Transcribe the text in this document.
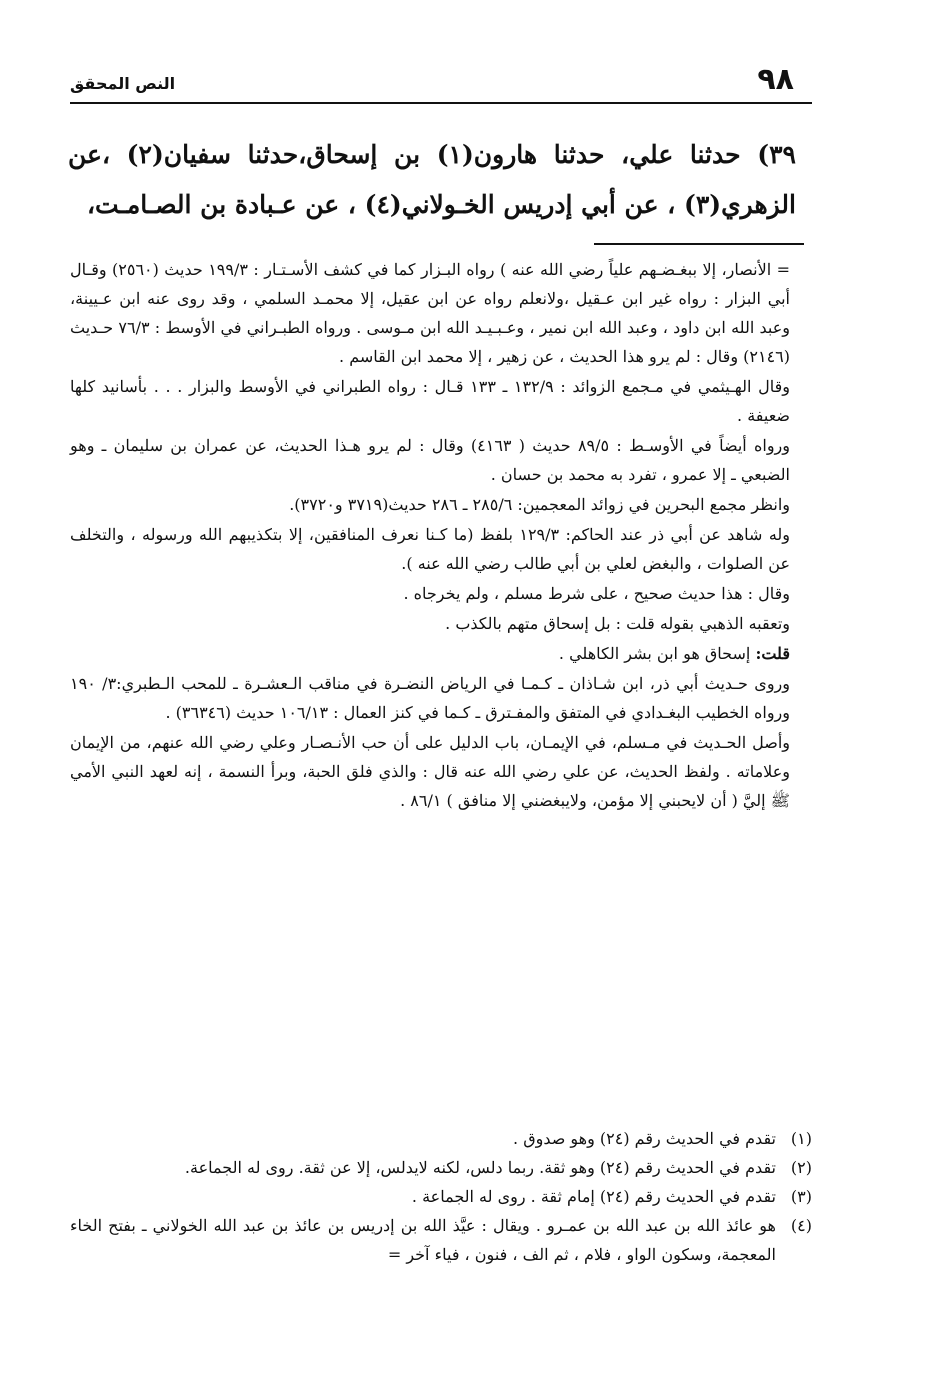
٩٨
النص المحقق
٣٩) حدثنا علي، حدثنا هارون(١) بن إسحاق،حدثنا سفيان(٢) ،عن الزهري(٣) ، عن أبي إدريس الخـولاني(٤) ، عن عـبادة بن الصـامـت،

= الأنصار، إلا ببغـضـهم علياً رضي الله عنه ) رواه البـزار كما في كشف الأسـتـار : ١٩٩/٣ حديث (٢٥٦٠) وقـال أبي البزار : رواه غير ابن عـقيل ،ولانعلم رواه عن ابن عقيل، إلا محمـد السلمي ، وقد روى عنه ابن عـيينة، وعبد الله ابن داود ، وعبد الله ابن نمير ، وعـبـيـد الله ابن مـوسى . ورواه الطبـراني في الأوسط : ٧٦/٣ حـديث (٢١٤٦) وقال : لم يرو هذا الحديث ، عن زهير ، إلا محمد ابن القاسم .

وقال الهـيثمي في مـجمع الزوائد : ١٣٢/٩ ـ ١٣٣ قـال : رواه الطبراني في الأوسط والبزار . . . بأسانيد كلها ضعيفة .

ورواه أيضاً في الأوسـط : ٨٩/٥ حديث ( ٤١٦٣) وقال : لم يرو هـذا الحديث، عن عمران بن سليمان ـ وهو الضبعي ـ إلا عمرو ، تفرد به محمد بن حسان .

وانظر مجمع البحرين في زوائد المعجمين: ٢٨٥/٦ ـ ٢٨٦ حديث(٣٧١٩ و٣٧٢٠).

وله شاهد عن أبي ذر عند الحاكم: ١٢٩/٣ بلفظ (ما كـنا نعرف المنافقين، إلا بتكذيبهم الله ورسوله ، والتخلف عن الصلوات ، والبغض لعلي بن أبي طالب رضي الله عنه ).

وقال : هذا حديث صحيح ، على شرط مسلم ، ولم يخرجاه .

وتعقبه الذهبي بقوله قلت : بل إسحاق متهم بالكذب .

قلت: إسحاق هو ابن بشر الكاهلي .

وروى حـديث أبي ذر، ابن شـاذان ـ كـمـا في الرياض النضـرة في مناقب الـعشـرة ـ للمحب الـطبري:٣/ ١٩٠ ورواه الخطيب البغـدادي في المتفق والمفـترق ـ كـما في كنز العمال : ١٠٦/١٣ حديث (٣٦٣٤٦) .

وأصل الحـديث في مـسلم، في الإيمـان، باب الدليل على أن حب الأنـصـار وعلي رضي الله عنهم، من الإيمان وعلاماته . ولفظ الحديث، عن علي رضي الله عنه قال : والذي فلق الحبة، وبرأ النسمة ، إنه لعهد النبي الأمي ﷺ إليَّ ( أن لايحبني إلا مؤمن، ولايبغضني إلا منافق ) ٨٦/١ .

(١)
تقدم في الحديث رقم (٢٤) وهو صدوق .
(٢)
تقدم في الحديث رقم (٢٤) وهو ثقة. ربما دلس، لكنه لايدلس، إلا عن ثقة. روى له الجماعة.
(٣)
تقدم في الحديث رقم (٢٤) إمام ثقة . روى له الجماعة .
(٤)
هو عائذ الله بن عبد الله بن عمـرو . ويقال : عيَّذ الله بن إدريس بن عائذ بن عبد الله الخولاني ـ بفتح الخاء المعجمة، وسكون الواو ، فلام ، ثم الف ، فنون ، فياء آخر =
